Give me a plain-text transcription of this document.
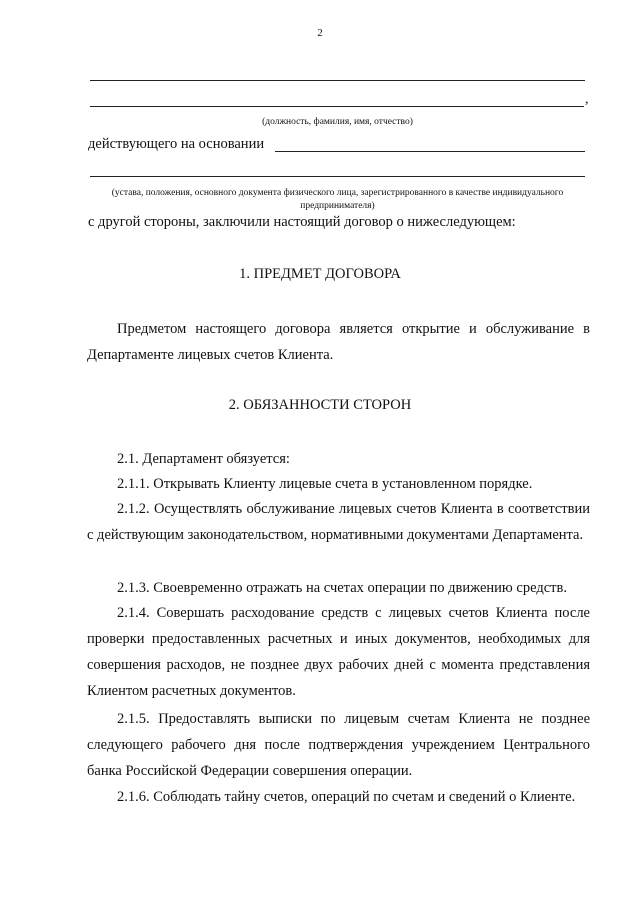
2
,
(должность, фамилия, имя, отчество)
действующего на основании
(устава, положения, основного документа физического лица, зарегистрированного в качестве индивидуального предпринимателя)
с другой стороны, заключили настоящий договор о нижеследующем:
1. ПРЕДМЕТ ДОГОВОРА
Предметом настоящего договора является открытие и обслуживание в
Департаменте лицевых счетов Клиента.
2. ОБЯЗАННОСТИ СТОРОН

2.1. Департамент обязуется:

2.1.1. Открывать Клиенту лицевые счета в установленном порядке.

2.1.2. Осуществлять обслуживание лицевых счетов Клиента в соответствии с действующим законодательством, нормативными документами Департамента.

2.1.3. Своевременно отражать на счетах операции по движению средств.

2.1.4. Совершать расходование средств с лицевых счетов Клиента после проверки предоставленных расчетных и иных документов, необходимых для совершения расходов, не позднее двух рабочих дней с момента представления Клиентом расчетных документов.

2.1.5. Предоставлять выписки по лицевым счетам Клиента не позднее следующего рабочего дня после подтверждения учреждением Центрального банка Российской Федерации совершения операции.

2.1.6. Соблюдать тайну счетов, операций по счетам и сведений о Клиенте.
